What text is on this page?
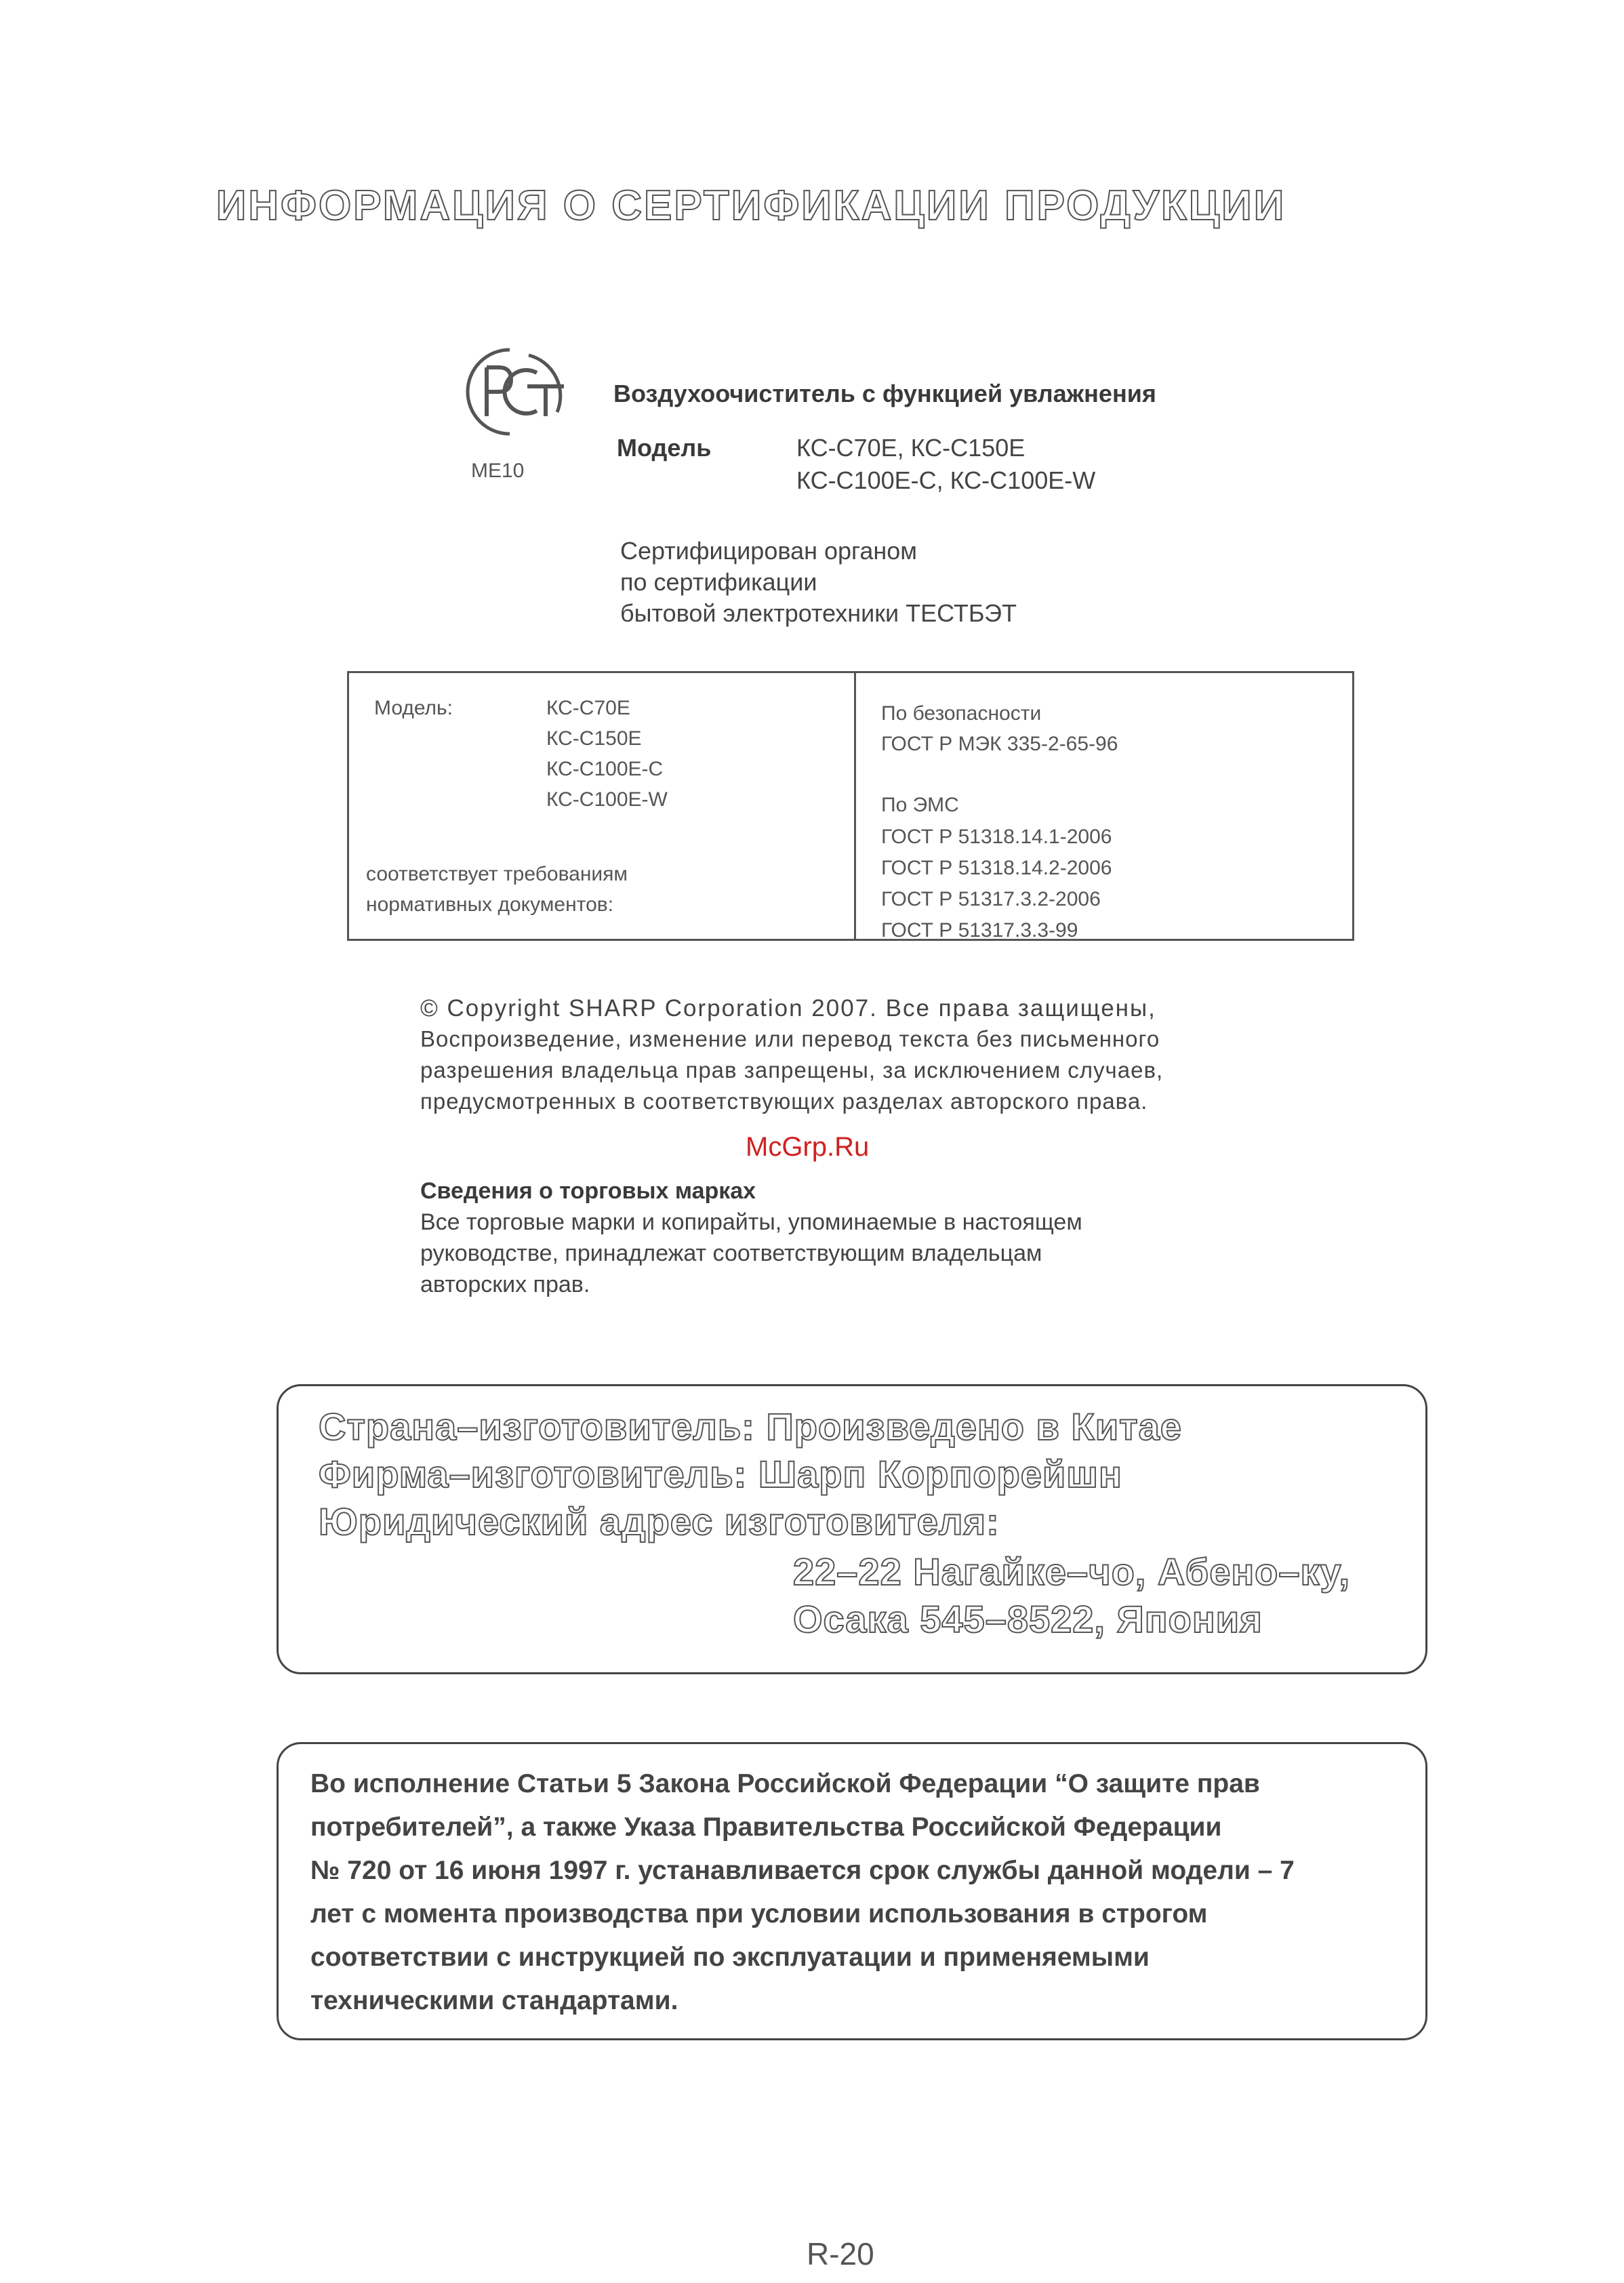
ИНФОРМАЦИЯ О СЕРТИФИКАЦИИ ПРОДУКЦИИ
ME10
Воздухоочиститель с функцией увлажнения
Модель	КС-С70Е, КС-С150Е
КС-С100Е-С, КС-С100Е-W
Сертифицирован органом
по сертификации
бытовой электротехники ТЕСТБЭТ
Модель:	КС-С70Е
КС-С150Е
КС-С100Е-С
КС-С100Е-W
соответствует требованиям
нормативных документов:
По безопасности
ГОСТ Р МЭК 335-2-65-96
По ЭМС
ГОСТ Р 51318.14.1-2006
ГОСТ Р 51318.14.2-2006
ГОСТ Р 51317.3.2-2006
ГОСТ Р 51317.3.3-99
© Copyright SHARP Corporation 2007. Все права защищены,
Воспроизведение, изменение или перевод текста без письменного
разрешения владельца прав запрещены, за исключением случаев,
предусмотренных в соответствующих разделах авторского права.
McGrp.Ru
Сведения о торговых марках
Все торговые марки и копирайты, упоминаемые в настоящем
руководстве, принадлежат соответствующим владельцам
авторских прав.
Страна–изготовитель: Произведено в Китае
Фирма–изготовитель: Шарп Корпорейшн
Юридический адрес изготовителя:
22–22 Нагайке–чо, Абено–ку,
Осака 545–8522, Япония
Во исполнение Статьи 5 Закона Российской Федерации “О защите прав
потребителей”, а также Указа Правительства Российской Федерации
№ 720 от 16 июня 1997 г. устанавливается срок службы данной модели – 7
лет с момента производства при условии использования в строгом
соответствии с инструкцией по эксплуатации и применяемыми
техническими стандартами.
R-20
